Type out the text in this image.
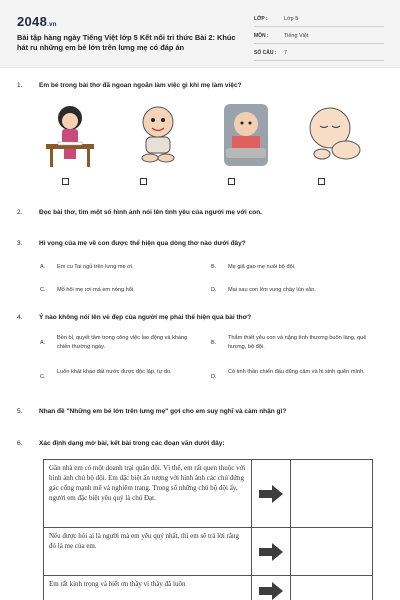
2048.vn
Bài tập hàng ngày Tiếng Việt lớp 5 Kết nối tri thức Bài 2: Khúc hát ru những em bé lớn trên lưng mẹ có đáp án
LỚP :	Lớp 5
MÔN :	Tiếng Việt
SỐ CÂU :	7
1.	Em bé trong bài thơ đã ngoan ngoãn làm việc gì khi mẹ làm việc?
2.	Đọc bài thơ, tìm một số hình ảnh nói lên tình yêu của người mẹ với con.
3.	Hi vọng của mẹ về con được thể hiện qua dòng thơ nào dưới đây?
A.	Em cu Tai ngủ trên lưng mẹ ơi.	B.	Mẹ giã gạo mẹ nuôi bộ đội.
C.	Mố hôi mẹ rơi má em nóng hổi.	D.	Mai sau con lớn vung chày lún sân.
4.	Ý nào không nói lên vẻ đẹp của người mẹ phải thể hiện qua bài thơ?
A.
Bền bỉ, quyết tâm trong công việc lao động và kháng chiến thường ngày.
B.
Thắm thiết yêu con và nặng tình thương buôn làng, quê hương, bộ đội.
C.
Luôn khát khao đất nước được độc lập, tự do.
D.
Có tinh thần chiến đấu dũng cảm và hi sinh quên mình.
5.	Nhan đề "Những em bé lớn trên lưng mẹ" gợi cho em suy nghĩ và cảm nhận gì?
6.	Xác định dạng mở bài, kết bài trong các đoạn văn dưới đây:
Gần nhà em có một doanh trại quân đội. Vì thế, em rất quen thuộc với hình ảnh chú bộ đội. Em đặc biệt ấn tượng với hình ảnh các chú đứng gác cổng mạnh mẽ và nghiêm trang. Trong số những chú bộ đội ấy, người em đặc biệt yêu quý là chú Đạt.
Nếu được hỏi ai là người mà em yêu quý nhất, thì em sẽ trả lời rằng đó là mẹ của em.
Em rất kính trọng và biết ơn thầy vì thầy đã luôn
